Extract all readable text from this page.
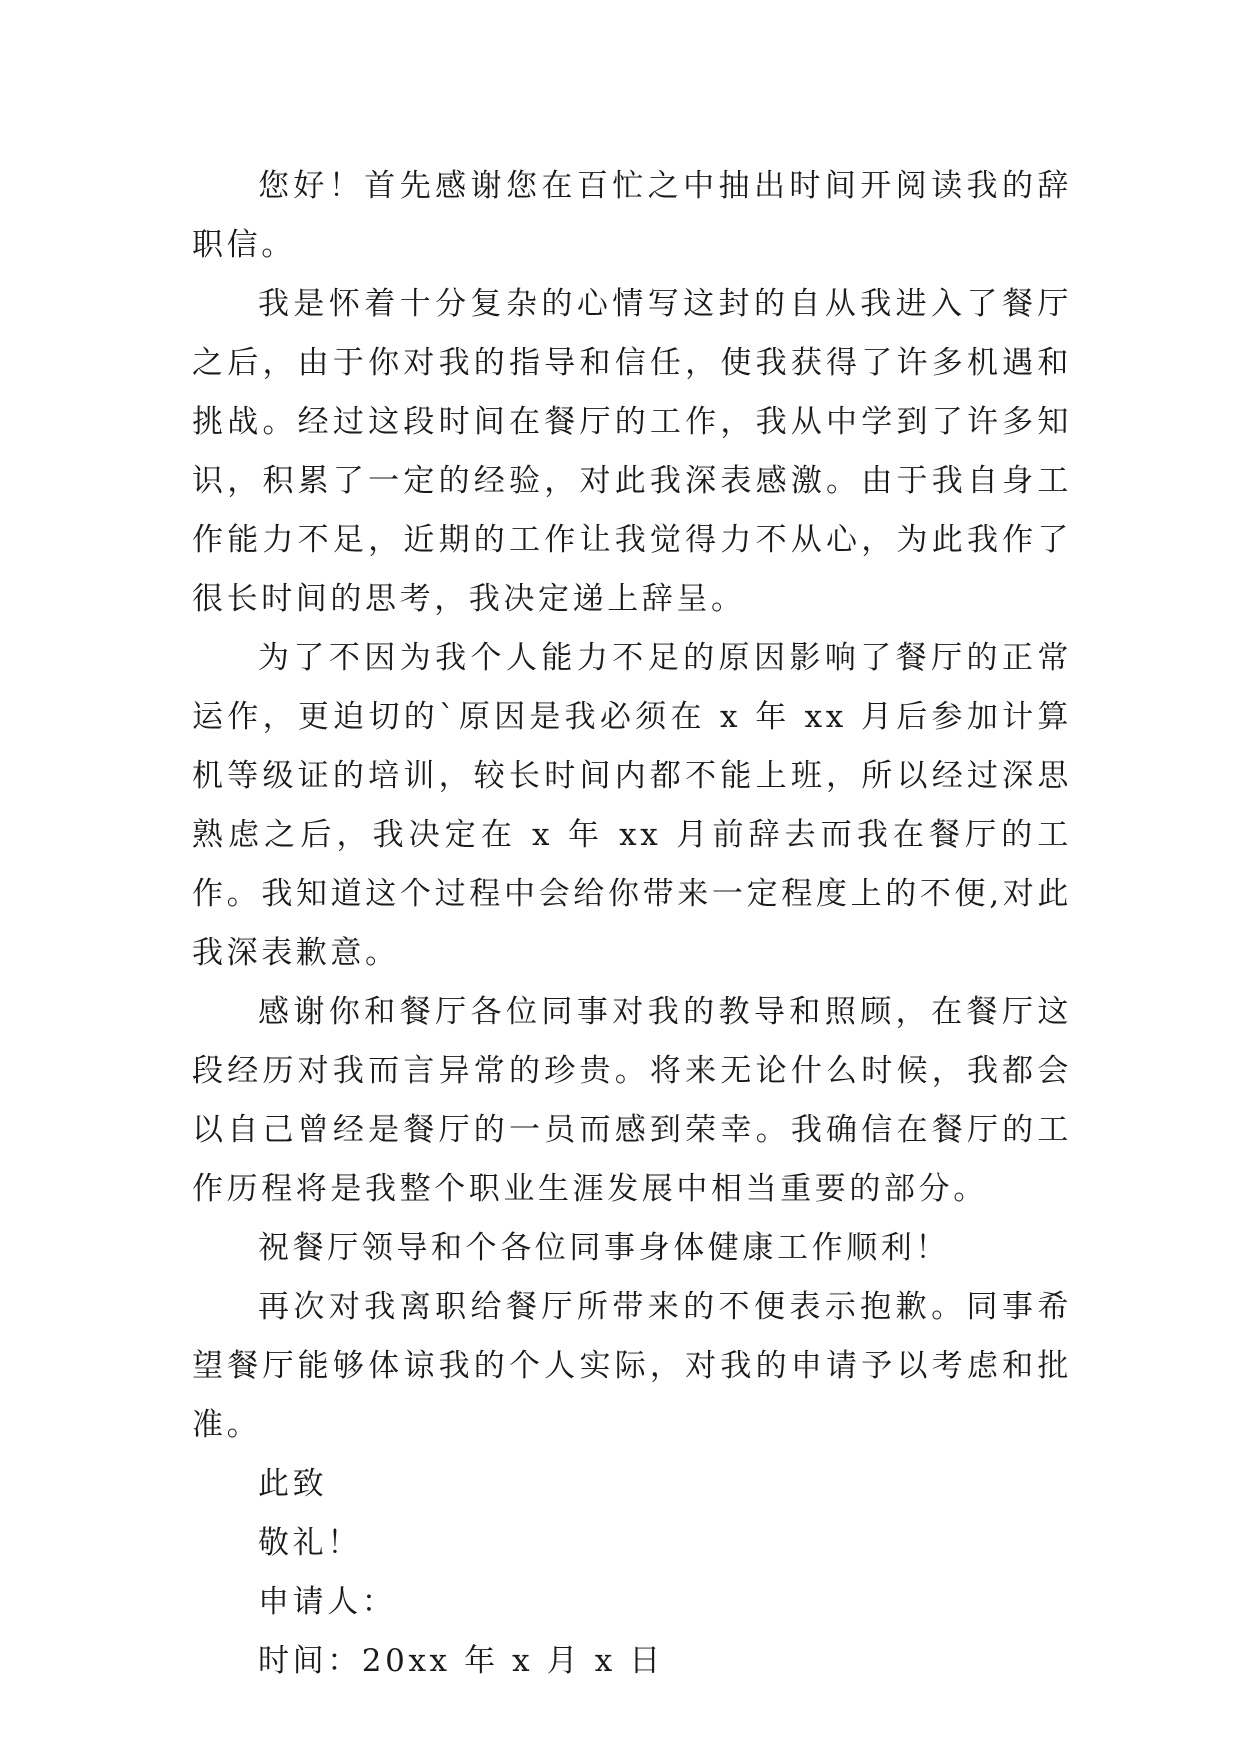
您好！首先感谢您在百忙之中抽出时间开阅读我的辞职信。

我是怀着十分复杂的心情写这封的自从我进入了餐厅之后，由于你对我的指导和信任，使我获得了许多机遇和挑战。经过这段时间在餐厅的工作，我从中学到了许多知识，积累了一定的经验，对此我深表感激。由于我自身工作能力不足，近期的工作让我觉得力不从心，为此我作了很长时间的思考，我决定递上辞呈。

为了不因为我个人能力不足的原因影响了餐厅的正常运作，更迫切的`原因是我必须在 x 年 xx 月后参加计算机等级证的培训，较长时间内都不能上班，所以经过深思熟虑之后，我决定在 x 年 xx 月前辞去而我在餐厅的工作。我知道这个过程中会给你带来一定程度上的不便,对此我深表歉意。

感谢你和餐厅各位同事对我的教导和照顾，在餐厅这段经历对我而言异常的珍贵。将来无论什么时候，我都会以自己曾经是餐厅的一员而感到荣幸。我确信在餐厅的工作历程将是我整个职业生涯发展中相当重要的部分。

祝餐厅领导和个各位同事身体健康工作顺利！

再次对我离职给餐厅所带来的不便表示抱歉。同事希望餐厅能够体谅我的个人实际，对我的申请予以考虑和批准。

此致

敬礼！

申请人：

时间：20xx 年 x 月 x 日
